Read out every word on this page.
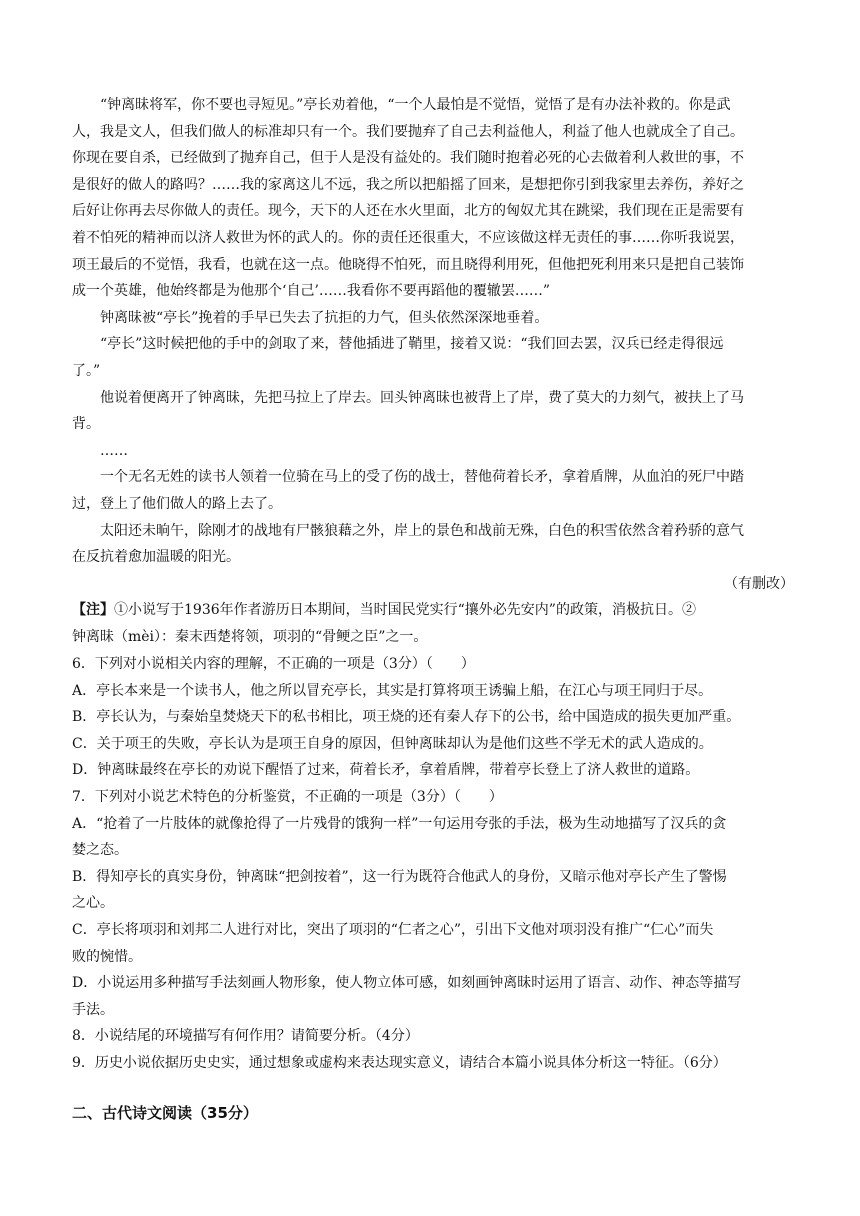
　　“钟离昧将军，你不要也寻短见。”亭长劝着他，“一个人最怕是不觉悟，觉悟了是有办法补救的。你是武
人，我是文人，但我们做人的标准却只有一个。我们要抛弃了自己去利益他人，利益了他人也就成全了自己。
你现在要自杀，已经做到了抛弃自己，但于人是没有益处的。我们随时抱着必死的心去做着利人救世的事，不
是很好的做人的路吗？……我的家离这儿不远，我之所以把船摇了回来，是想把你引到我家里去养伤，养好之
后好让你再去尽你做人的责任。现今，天下的人还在水火里面，北方的匈奴尤其在跳梁，我们现在正是需要有
着不怕死的精神而以济人救世为怀的武人的。你的责任还很重大，不应该做这样无责任的事……你听我说罢，
项王最后的不觉悟，我看，也就在这一点。他晓得不怕死，而且晓得利用死，但他把死利用来只是把自己装饰
成一个英雄，他始终都是为他那个‘自己’……我看你不要再蹈他的覆辙罢……”
　　钟离昧被“亭长”挽着的手早已失去了抗拒的力气，但头依然深深地垂着。
　　“亭长”这时候把他的手中的剑取了来，替他插进了鞘里，接着又说：“我们回去罢，汉兵已经走得很远
了。”
　　他说着便离开了钟离昧，先把马拉上了岸去。回头钟离昧也被背上了岸，费了莫大的力刻气，被扶上了马
背。
　　……
　　一个无名无姓的读书人领着一位骑在马上的受了伤的战士，替他荷着长矛，拿着盾牌，从血泊的死尸中踏
过，登上了他们做人的路上去了。
　　太阳还未晌午，除刚才的战地有尸骸狼藉之外，岸上的景色和战前无殊，白色的积雪依然含着矜骄的意气
在反抗着愈加温暖的阳光。
（有删改）
【注】①小说写于1936年作者游历日本期间，当时国民党实行“攘外必先安内”的政策，消极抗日。②
钟离昧（mèi）：秦末西楚将领，项羽的“骨鲠之臣”之一。
6．下列对小说相关内容的理解，不正确的一项是（3分）（　　）
A．亭长本来是一个读书人，他之所以冒充亭长，其实是打算将项王诱骗上船，在江心与项王同归于尽。
B．亭长认为，与秦始皇焚烧天下的私书相比，项王烧的还有秦人存下的公书，给中国造成的损失更加严重。
C．关于项王的失败，亭长认为是项王自身的原因，但钟离昧却认为是他们这些不学无术的武人造成的。
D．钟离昧最终在亭长的劝说下醒悟了过来，荷着长矛，拿着盾牌，带着亭长登上了济人救世的道路。
7．下列对小说艺术特色的分析鉴赏，不正确的一项是（3分）（　　）
A．“抢着了一片肢体的就像抢得了一片残骨的饿狗一样”一句运用夸张的手法，极为生动地描写了汉兵的贪
婪之态。
B．得知亭长的真实身份，钟离昧“把剑按着”，这一行为既符合他武人的身份，又暗示他对亭长产生了警惕
之心。
C．亭长将项羽和刘邦二人进行对比，突出了项羽的“仁者之心”，引出下文他对项羽没有推广“仁心”而失
败的惋惜。
D．小说运用多种描写手法刻画人物形象，使人物立体可感，如刻画钟离昧时运用了语言、动作、神态等描写
手法。
8．小说结尾的环境描写有何作用？请简要分析。（4分）
9．历史小说依据历史史实，通过想象或虚构来表达现实意义，请结合本篇小说具体分析这一特征。（6分）
二、古代诗文阅读（35分）
